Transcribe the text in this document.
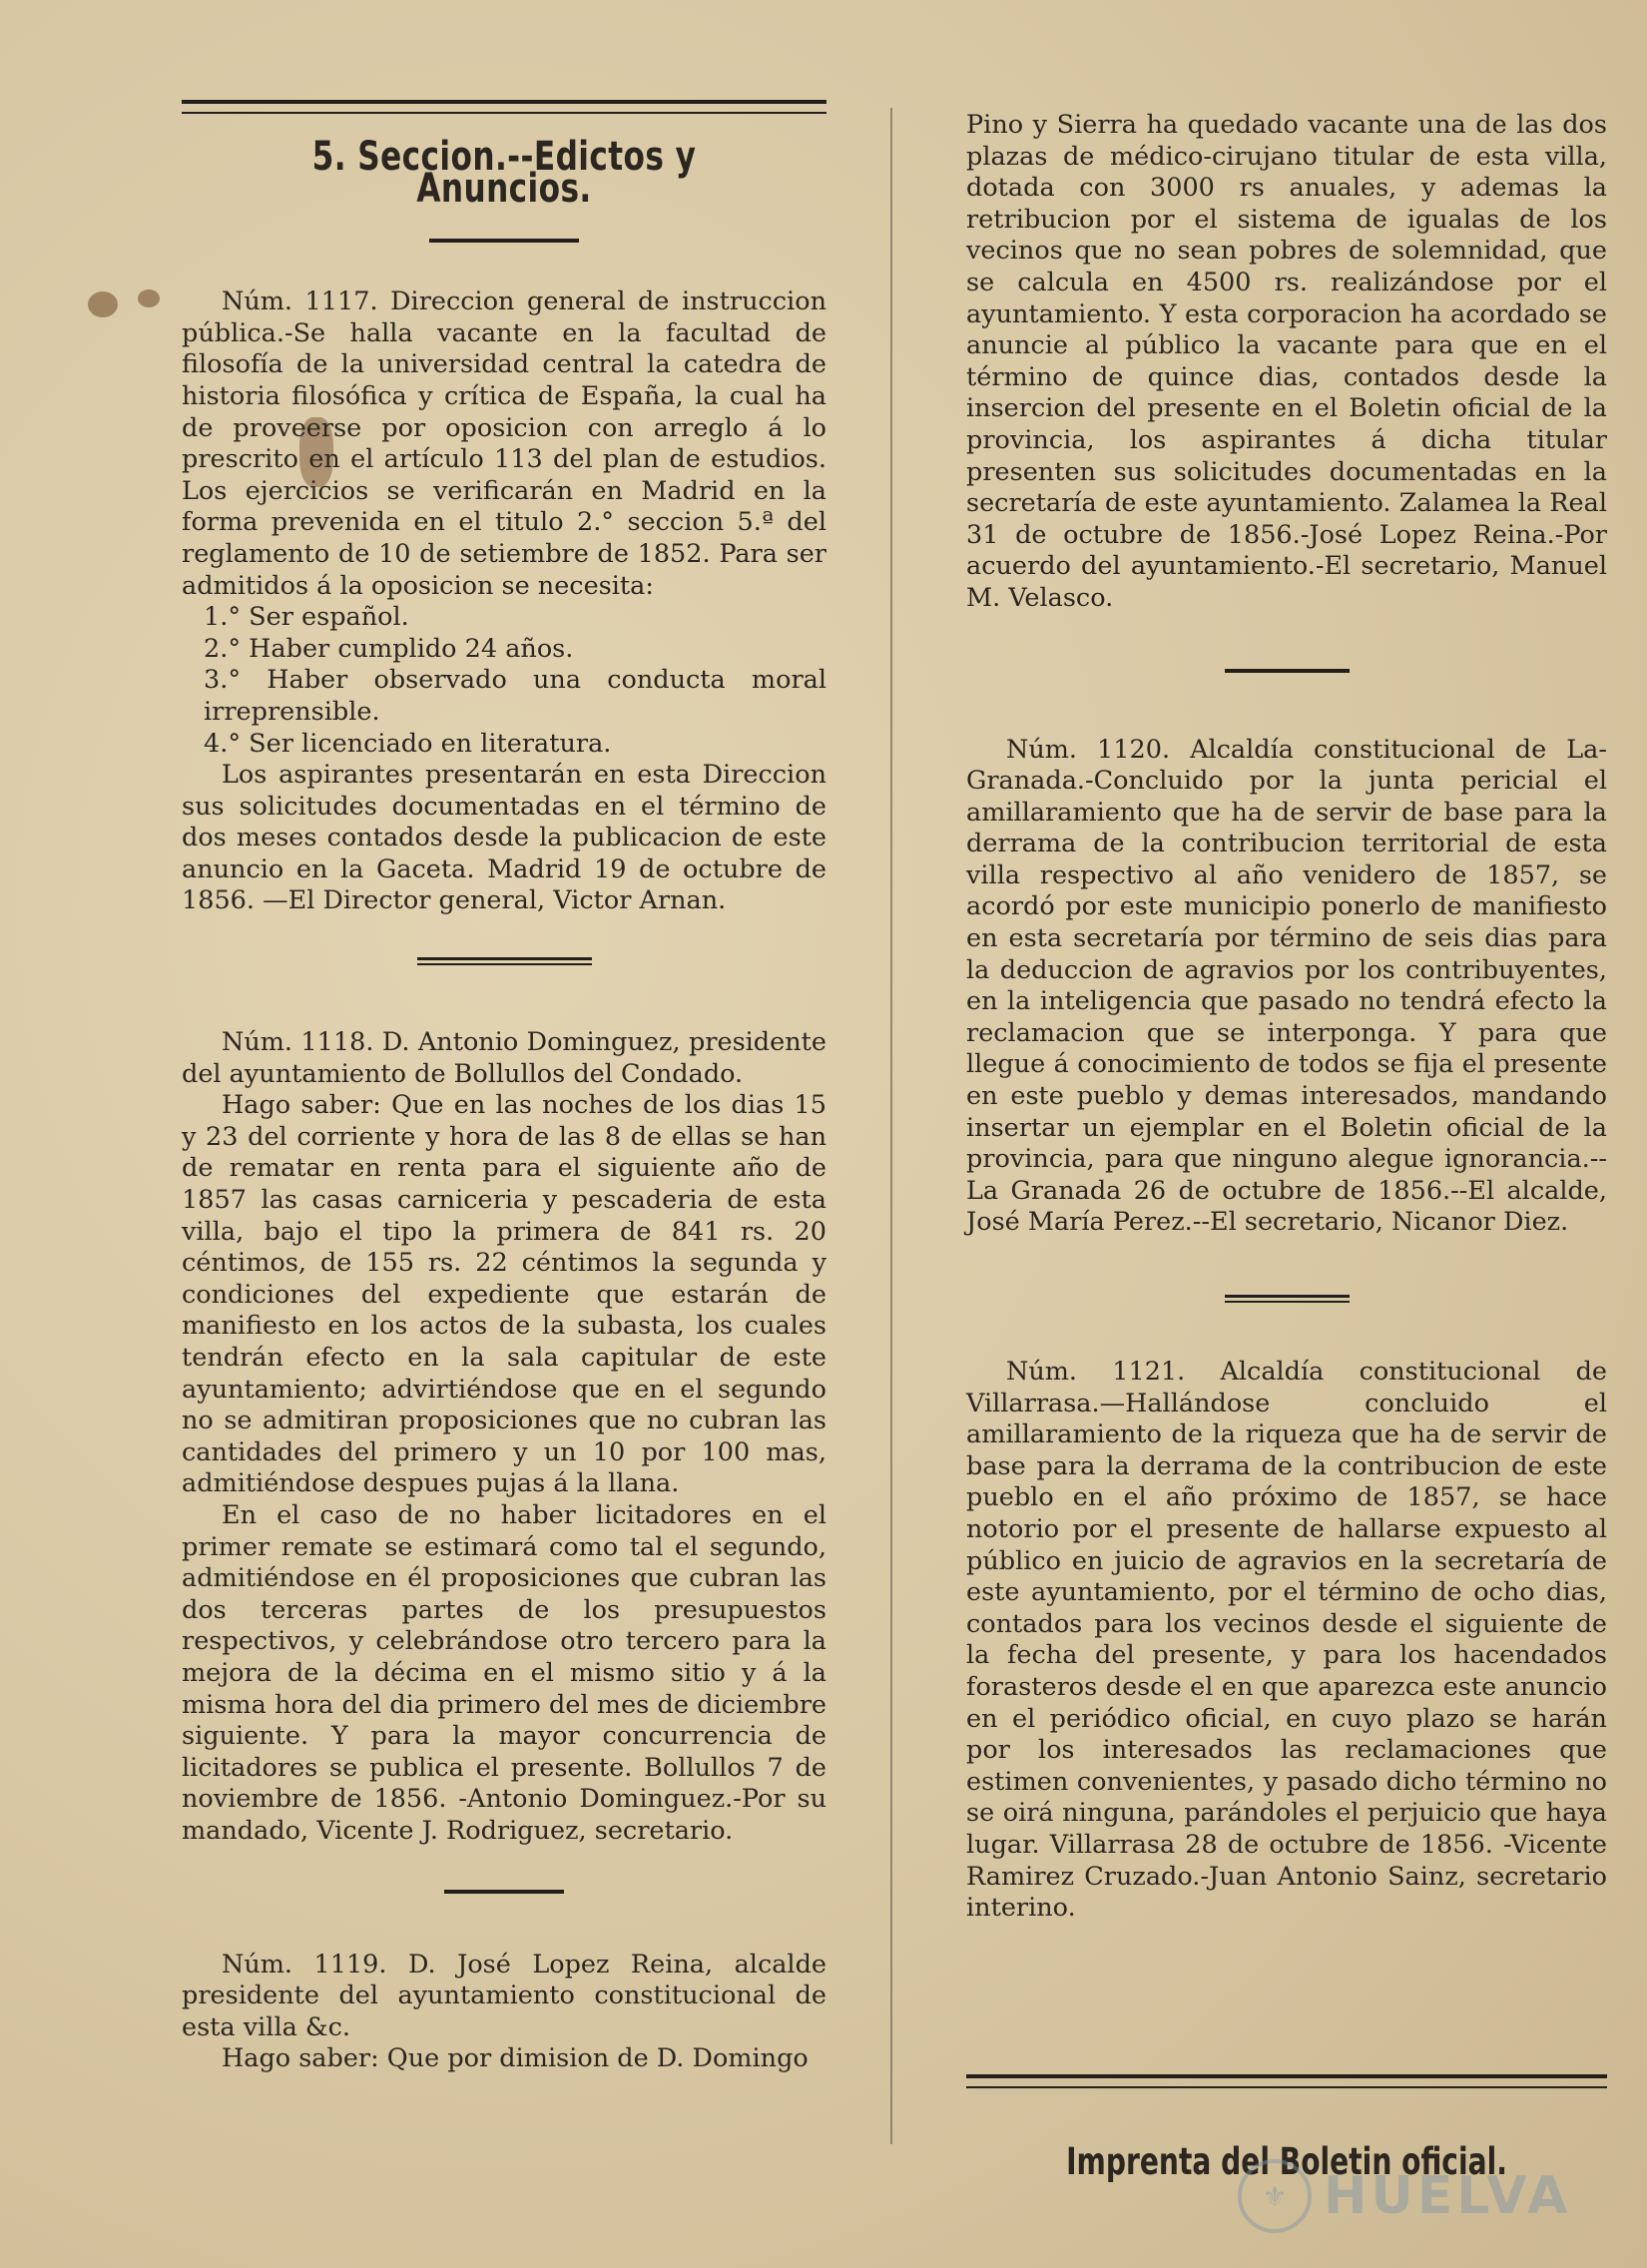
5. Seccion.--Edictos y Anuncios.

Núm. 1117. Direccion general de instruccion pública.-Se halla vacante en la facultad de filosofía de la universidad central la catedra de historia filosófica y crítica de España, la cual ha de proveerse por oposicion con arreglo á lo prescrito en el artículo 113 del plan de estudios. Los ejercicios se verificarán en Madrid en la forma prevenida en el titulo 2.° seccion 5.ª del reglamento de 10 de setiembre de 1852. Para ser admitidos á la oposicion se necesita:

1.° Ser español.

2.° Haber cumplido 24 años.

3.° Haber observado una conducta moral irreprensible.

4.° Ser licenciado en literatura.

Los aspirantes presentarán en esta Direccion sus solicitudes documentadas en el término de dos meses contados desde la publicacion de este anuncio en la Gaceta. Madrid 19 de octubre de 1856. —El Director general, Victor Arnan.

Núm. 1118. D. Antonio Dominguez, presidente del ayuntamiento de Bollullos del Condado.

Hago saber: Que en las noches de los dias 15 y 23 del corriente y hora de las 8 de ellas se han de rematar en renta para el siguiente año de 1857 las casas carniceria y pescaderia de esta villa, bajo el tipo la primera de 841 rs. 20 céntimos, de 155 rs. 22 céntimos la segunda y condiciones del expediente que estarán de manifiesto en los actos de la subasta, los cuales tendrán efecto en la sala capitular de este ayuntamiento; advirtiéndose que en el segundo no se admitiran proposiciones que no cubran las cantidades del primero y un 10 por 100 mas, admitiéndose despues pujas á la llana.

En el caso de no haber licitadores en el primer remate se estimará como tal el segundo, admitiéndose en él proposiciones que cubran las dos terceras partes de los presupuestos respectivos, y celebrándose otro tercero para la mejora de la décima en el mismo sitio y á la misma hora del dia primero del mes de diciembre siguiente. Y para la mayor concurrencia de licitadores se publica el presente. Bollullos 7 de noviembre de 1856. -Antonio Dominguez.-Por su mandado, Vicente J. Rodriguez, secretario.

Núm. 1119. D. José Lopez Reina, alcalde presidente del ayuntamiento constitucional de esta villa &c.

Hago saber: Que por dimision de D. Domingo

Pino y Sierra ha quedado vacante una de las dos plazas de médico-cirujano titular de esta villa, dotada con 3000 rs anuales, y ademas la retribucion por el sistema de igualas de los vecinos que no sean pobres de solemnidad, que se calcula en 4500 rs. realizándose por el ayuntamiento. Y esta corporacion ha acordado se anuncie al público la vacante para que en el término de quince dias, contados desde la insercion del presente en el Boletin oficial de la provincia, los aspirantes á dicha titular presenten sus solicitudes documentadas en la secretaría de este ayuntamiento. Zalamea la Real 31 de octubre de 1856.-José Lopez Reina.-Por acuerdo del ayuntamiento.-El secretario, Manuel M. Velasco.

Núm. 1120. Alcaldía constitucional de La-Granada.-Concluido por la junta pericial el amillaramiento que ha de servir de base para la derrama de la contribucion territorial de esta villa respectivo al año venidero de 1857, se acordó por este municipio ponerlo de manifiesto en esta secretaría por término de seis dias para la deduccion de agravios por los contribuyentes, en la inteligencia que pasado no tendrá efecto la reclamacion que se interponga. Y para que llegue á conocimiento de todos se fija el presente en este pueblo y demas interesados, mandando insertar un ejemplar en el Boletin oficial de la provincia, para que ninguno alegue ignorancia.--La Granada 26 de octubre de 1856.--El alcalde, José María Perez.--El secretario, Nicanor Diez.

Núm. 1121. Alcaldía constitucional de Villarrasa.—Hallándose concluido el amillaramiento de la riqueza que ha de servir de base para la derrama de la contribucion de este pueblo en el año próximo de 1857, se hace notorio por el presente de hallarse expuesto al público en juicio de agravios en la secretaría de este ayuntamiento, por el término de ocho dias, contados para los vecinos desde el siguiente de la fecha del presente, y para los hacendados forasteros desde el en que aparezca este anuncio en el periódico oficial, en cuyo plazo se harán por los interesados las reclamaciones que estimen convenientes, y pasado dicho término no se oirá ninguna, parándoles el perjuicio que haya lugar. Villarrasa 28 de octubre de 1856. -Vicente Ramirez Cruzado.-Juan Antonio Sainz, secretario interino.

Imprenta del Boletin oficial.
⚜ HUELVA
